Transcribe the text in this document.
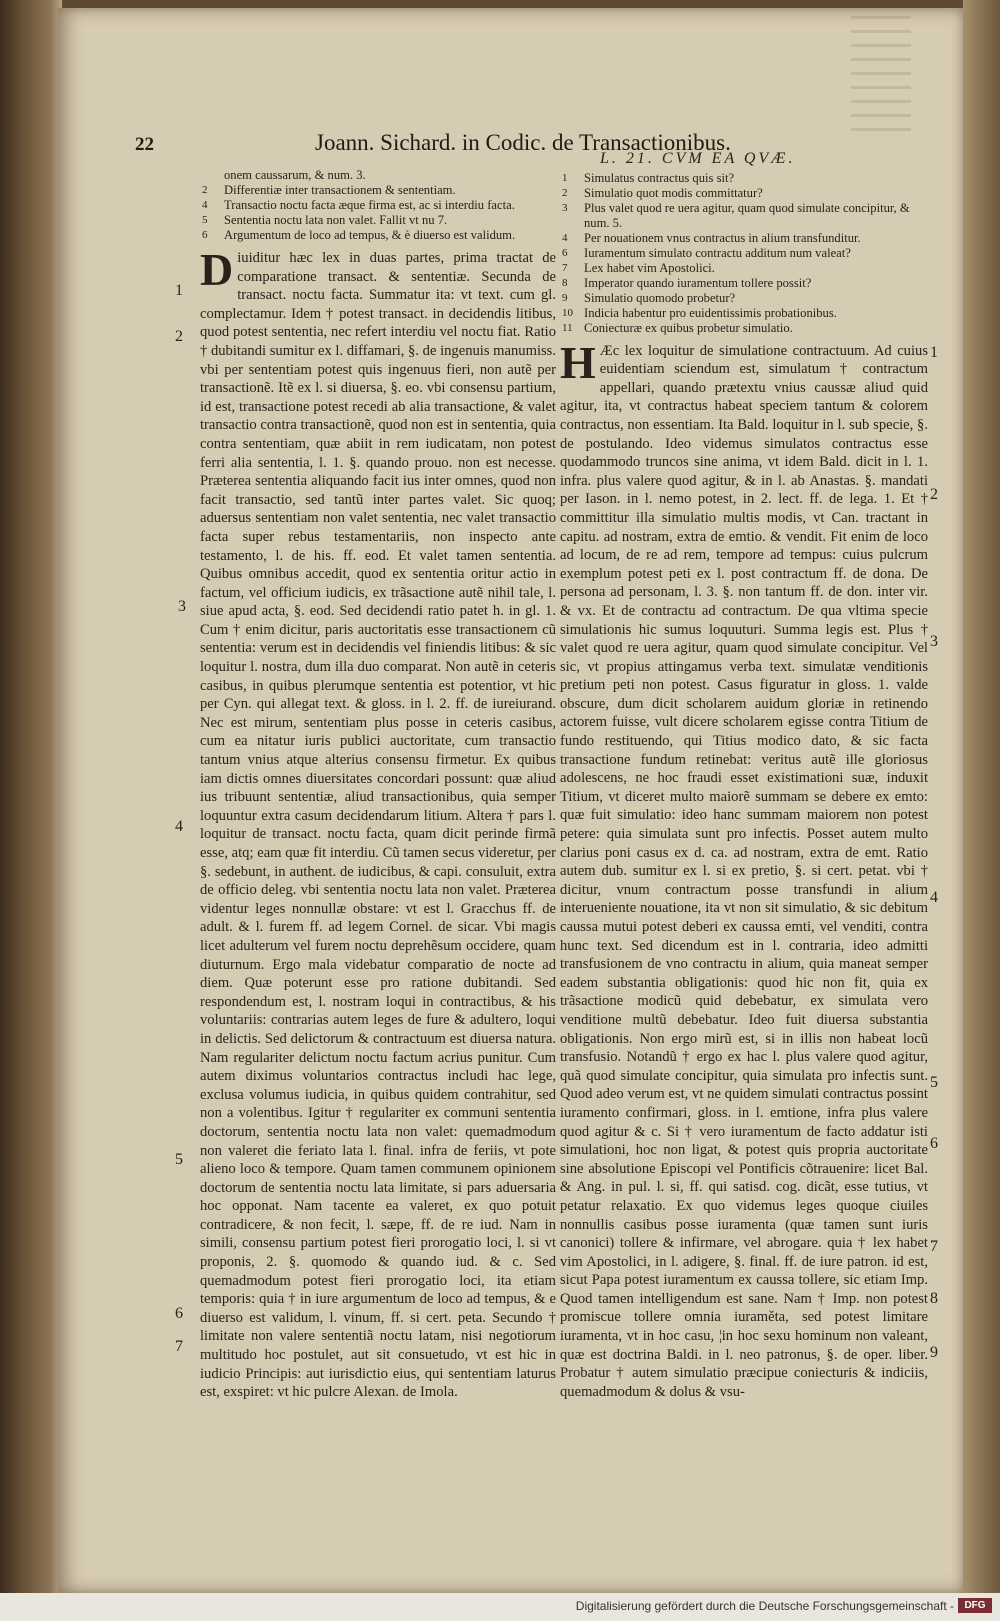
22	Joann. Sichard. in Codic. de Transactionibus.
onem caussarum, & num. 3.
2 Differentiæ inter transactionem & sententiam.
4 Transactio noctu facta æque firma est, ac si interdiu facta.
5 Sententia noctu lata non valet. Fallit vt nu 7.
6 Argumentum de loco ad tempus, & è diuerso est validum.
D iuiditur hæc lex in duas partes, prima tractat de comparatione transact. & sententiæ. Secunda de transact. noctu facta. Summatur ita: vt text. cum gl. complectamur. Idem † potest transact. in decidendis litibus, quod potest sententia, nec refert interdiu vel noctu fiat. Ratio † dubitandi sumitur ex l. diffamari, §. de ingenuis manumiss. vbi per sententiam potest quis ingenuus fieri, non autẽ per transactionẽ. Itẽ ex l. si diuersa, §. eo. vbi consensu partium, id est, transactione potest recedi ab alia transactione, & valet transactio contra transactionẽ, quod non est in sententia, quia contra sententiam, quæ abiit in rem iudicatam, non potest ferri alia sententia, l. 1. §. quando prouo. non est necesse. Præterea sententia aliquando facit ius inter omnes, quod non facit transactio, sed tantũ inter partes valet. Sic quoq; aduersus sententiam non valet sententia, nec valet transactio facta super rebus testamentariis, non inspecto ante testamento, l. de his. ff. eod. Et valet tamen sententia. Quibus omnibus accedit, quod ex sententia oritur actio in factum, vel officium iudicis, ex trãsactione autẽ nihil tale, l. siue apud acta, §. eod. Sed decidendi ratio patet h. in gl. 1. Cum † enim dicitur, paris auctoritatis esse transactionem cũ sententia: verum est in decidendis vel finiendis litibus: & sic loquitur l. nostra, dum illa duo comparat. Non autẽ in ceteris casibus, in quibus plerumque sententia est potentior, vt hic per Cyn. qui allegat text. & gloss. in l. 2. ff. de iureiurand. Nec est mirum, sententiam plus posse in ceteris casibus, cum ea nitatur iuris publici auctoritate, cum transactio tantum vnius atque alterius consensu firmetur. Ex quibus iam dictis omnes diuersitates concordari possunt: quæ aliud ius tribuunt sententiæ, aliud transactionibus, quia semper loquuntur extra casum decidendarum litium. Altera † pars l. loquitur de transact. noctu facta, quam dicit perinde firmã esse, atq; eam quæ fit interdiu. Cũ tamen secus videretur, per §. sedebunt, in authent. de iudicibus, & capi. consuluit, extra de officio deleg. vbi sententia noctu lata non valet. Præterea videntur leges nonnullæ obstare: vt est l. Gracchus ff. de adult. & l. furem ff. ad legem Cornel. de sicar. Vbi magis licet adulterum vel furem noctu deprehẽsum occidere, quam diuturnum. Ergo mala videbatur comparatio de nocte ad diem. Quæ poterunt esse pro ratione dubitandi. Sed respondendum est, l. nostram loqui in contractibus, & his voluntariis: contrarias autem leges de fure & adultero, loqui in delictis. Sed delictorum & contractuum est diuersa natura. Nam regulariter delictum noctu factum acrius punitur. Cum autem diximus voluntarios contractus includi hac lege, exclusa volumus iudicia, in quibus quidem contrahitur, sed non a volentibus. Igitur † regulariter ex communi sententia doctorum, sententia noctu lata non valet: quemadmodum non valeret die feriato lata l. final. infra de feriis, vt pote alieno loco & tempore. Quam tamen communem opinionem doctorum de sententia noctu lata limitate, si pars aduersaria hoc opponat. Nam tacente ea valeret, ex quo potuit contradicere, & non fecit, l. sæpe, ff. de re iud. Nam in simili, consensu partium potest fieri prorogatio loci, l. si vt proponis, 2. §. quomodo & quando iud. & c. Sed quemadmodum potest fieri prorogatio loci, ita etiam temporis: quia † in iure argumentum de loco ad tempus, & e diuerso est validum, l. vinum, ff. si cert. peta. Secundo † limitate non valere sententiã noctu latam, nisi negotiorum multitudo hoc postulet, aut sit consuetudo, vt est hic in iudicio Principis: aut iurisdictio eius, qui sententiam laturus est, exspiret: vt hic pulcre Alexan. de Imola.

L. 21. CVM EA QVÆ.
1 Simulatus contractus quis sit?
2 Simulatio quot modis committatur?
3 Plus valet quod re uera agitur, quam quod simulate concipitur, & num. 5.
4 Per nouationem vnus contractus in alium transfunditur.
6 Iuramentum simulato contractu additum num valeat?
7 Lex habet vim Apostolici.
8 Imperator quando iuramentum tollere possit?
9 Simulatio quomodo probetur?
10 Indicia habentur pro euidentissimis probationibus.
11 Coniecturæ ex quibus probetur simulatio.
H Æc lex loquitur de simulatione contractuum. Ad cuius euidentiam sciendum est, simulatum † contractum appellari, quando prætextu vnius caussæ aliud quid agitur, ita, vt contractus habeat speciem tantum & colorem contractus, non essentiam. Ita Bald. loquitur in l. sub specie, §. de postulando. Ideo videmus simulatos contractus esse quodammodo truncos sine anima, vt idem Bald. dicit in l. 1. infra. plus valere quod agitur, & in l. ab Anastas. §. mandati per Iason. in l. nemo potest, in 2. lect. ff. de lega. 1. Et † committitur illa simulatio multis modis, vt Can. tractant in capitu. ad nostram, extra de emtio. & vendit. Fit enim de loco ad locum, de re ad rem, tempore ad tempus: cuius pulcrum exemplum potest peti ex l. post contractum ff. de dona. De persona ad personam, l. 3. §. non tantum ff. de don. inter vir. & vx. Et de contractu ad contractum. De qua vltima specie simulationis hic sumus loquuturi. Summa legis est. Plus † valet quod re uera agitur, quam quod simulate concipitur. Vel sic, vt propius attingamus verba text. simulatæ venditionis pretium peti non potest. Casus figuratur in gloss. 1. valde obscure, dum dicit scholarem auidum gloriæ in retinendo actorem fuisse, vult dicere scholarem egisse contra Titium de fundo restituendo, qui Titius modico dato, & sic facta transactione fundum retinebat: veritus autẽ ille gloriosus adolescens, ne hoc fraudi esset existimationi suæ, induxit Titium, vt diceret multo maiorẽ summam se debere ex emto: quæ fuit simulatio: ideo hanc summam maiorem non potest petere: quia simulata sunt pro infectis. Posset autem multo clarius poni casus ex d. ca. ad nostram, extra de emt. Ratio autem dub. sumitur ex l. si ex pretio, §. si cert. petat. vbi † dicitur, vnum contractum posse transfundi in alium interueniente nouatione, ita vt non sit simulatio, & sic debitum caussa mutui potest deberi ex caussa emti, vel venditi, contra hunc text. Sed dicendum est in l. contraria, ideo admitti transfusionem de vno contractu in alium, quia maneat semper eadem substantia obligationis: quod hic non fit, quia ex trãsactione modicũ quid debebatur, ex simulata vero venditione multũ debebatur. Ideo fuit diuersa substantia obligationis. Non ergo mirũ est, si in illis non habeat locũ transfusio. Notandũ † ergo ex hac l. plus valere quod agitur, quã quod simulate concipitur, quia simulata pro infectis sunt. Quod adeo verum est, vt ne quidem simulati contractus possint iuramento confirmari, gloss. in l. emtione, infra plus valere quod agitur & c. Si † vero iuramentum de facto addatur isti simulationi, hoc non ligat, & potest quis propria auctoritate sine absolutione Episcopi vel Pontificis cõtrauenire: licet Bal. & Ang. in pul. l. si, ff. qui satisd. cog. dicãt, esse tutius, vt petatur relaxatio. Ex quo videmus leges quoque ciuiles nonnullis casibus posse iuramenta (quæ tamen sunt iuris canonici) tollere & infirmare, vel abrogare. quia † lex habet vim Apostolici, in l. adigere, §. final. ff. de iure patron. id est, sicut Papa potest iuramentum ex caussa tollere, sic etiam Imp. Quod tamen intelligendum est sane. Nam † Imp. non potest promiscue tollere omnia iuraměta, sed potest limitare iuramenta, vt in hoc casu, ¦in hoc sexu hominum non valeant, quæ est doctrina Baldi. in l. neo patronus, §. de oper. liber. Probatur † autem simulatio præcipue coniecturis & indiciis, quemadmodum & dolus & vsu-

1
2
3
4
5
6
7
1
2
3
4
5
6
7
8
9
Digitalisierung gefördert durch die Deutsche Forschungsgemeinschaft -	DFG
